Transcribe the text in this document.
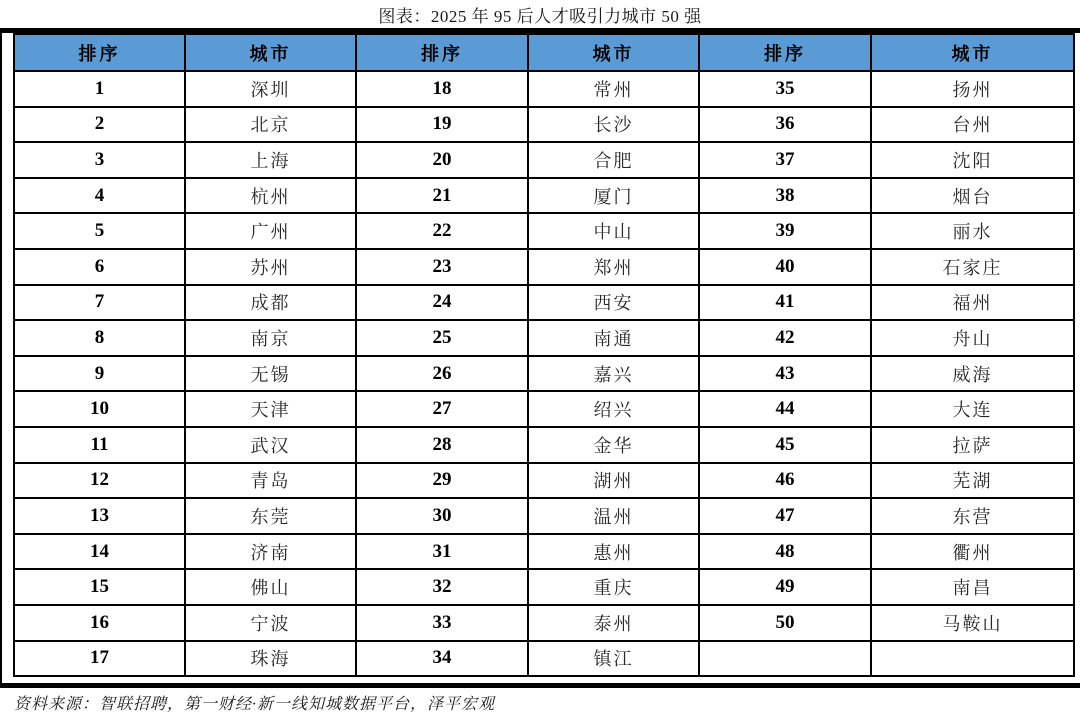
图表：2025 年 95 后人才吸引力城市 50 强
排序	城市	排序	城市	排序	城市
1	深圳	18	常州	35	扬州
2	北京	19	长沙	36	台州
3	上海	20	合肥	37	沈阳
4	杭州	21	厦门	38	烟台
5	广州	22	中山	39	丽水
6	苏州	23	郑州	40	石家庄
7	成都	24	西安	41	福州
8	南京	25	南通	42	舟山
9	无锡	26	嘉兴	43	威海
10	天津	27	绍兴	44	大连
11	武汉	28	金华	45	拉萨
12	青岛	29	湖州	46	芜湖
13	东莞	30	温州	47	东营
14	济南	31	惠州	48	衢州
15	佛山	32	重庆	49	南昌
16	宁波	33	泰州	50	马鞍山
17	珠海	34	镇江		
资料来源：智联招聘，第一财经·新一线知城数据平台，泽平宏观
